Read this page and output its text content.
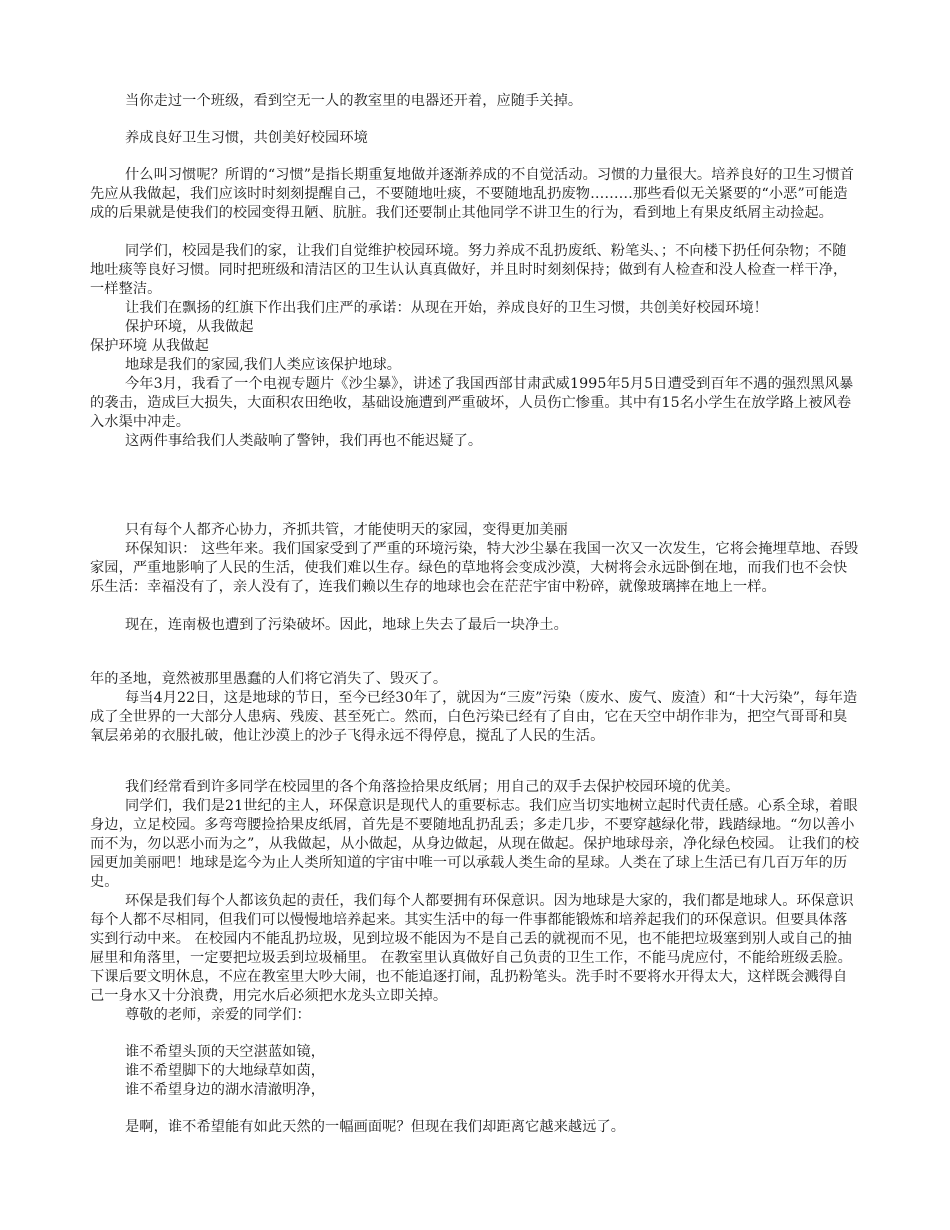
当你走过一个班级，看到空无一人的教室里的电器还开着，应随手关掉。
养成良好卫生习惯，共创美好校园环境
什么叫习惯呢？所谓的“习惯”是指长期重复地做并逐渐养成的不自觉活动。习惯的力量很大。培养良好的卫生习惯首先应从我做起，我们应该时时刻刻提醒自己，不要随地吐痰，不要随地乱扔废物………那些看似无关紧要的“小恶”可能造成的后果就是使我们的校园变得丑陋、肮脏。我们还要制止其他同学不讲卫生的行为，看到地上有果皮纸屑主动捡起。
同学们，校园是我们的家，让我们自觉维护校园环境。努力养成不乱扔废纸、粉笔头、；不向楼下扔任何杂物；不随地吐痰等良好习惯。同时把班级和清洁区的卫生认认真真做好，并且时时刻刻保持；做到有人检查和没人检查一样干净，一样整洁。
让我们在飘扬的红旗下作出我们庄严的承诺：从现在开始，养成良好的卫生习惯，共创美好校园环境！
保护环境，从我做起
保护环境 从我做起
地球是我们的家园,我们人类应该保护地球。
今年3月，我看了一个电视专题片《沙尘暴》，讲述了我国西部甘肃武威1995年5月5日遭受到百年不遇的强烈黑风暴的袭击，造成巨大损失，大面积农田绝收，基础设施遭到严重破坏，人员伤亡惨重。其中有15名小学生在放学路上被风卷入水渠中冲走。
这两件事给我们人类敲响了警钟，我们再也不能迟疑了。
只有每个人都齐心协力，齐抓共管，才能使明天的家园，变得更加美丽
环保知识： 这些年来。我们国家受到了严重的环境污染，特大沙尘暴在我国一次又一次发生，它将会掩埋草地、吞毁家园，严重地影响了人民的生活，使我们难以生存。绿色的草地将会变成沙漠，大树将会永远卧倒在地，而我们也不会快乐生活：幸福没有了，亲人没有了，连我们赖以生存的地球也会在茫茫宇宙中粉碎，就像玻璃摔在地上一样。
现在，连南极也遭到了污染破坏。因此，地球上失去了最后一块净土。
年的圣地，竟然被那里愚蠢的人们将它消失了、毁灭了。
每当4月22日，这是地球的节日，至今已经30年了，就因为“三废”污染（废水、废气、废渣）和“十大污染”，每年造成了全世界的一大部分人患病、残废、甚至死亡。然而，白色污染已经有了自由，它在天空中胡作非为，把空气哥哥和臭氧层弟弟的衣服扎破，他让沙漠上的沙子飞得永远不得停息，搅乱了人民的生活。
我们经常看到许多同学在校园里的各个角落捡拾果皮纸屑；用自己的双手去保护校园环境的优美。
同学们，我们是21世纪的主人，环保意识是现代人的重要标志。我们应当切实地树立起时代责任感。心系全球，着眼身边，立足校园。多弯弯腰捡拾果皮纸屑，首先是不要随地乱扔乱丢；多走几步，不要穿越绿化带，践踏绿地。“勿以善小而不为，勿以恶小而为之”，从我做起，从小做起，从身边做起，从现在做起。保护地球母亲，净化绿色校园。 让我们的校园更加美丽吧！地球是迄今为止人类所知道的宇宙中唯一可以承载人类生命的星球。人类在了球上生活已有几百万年的历史。
环保是我们每个人都该负起的责任，我们每个人都要拥有环保意识。因为地球是大家的，我们都是地球人。环保意识每个人都不尽相同，但我们可以慢慢地培养起来。其实生活中的每一件事都能锻炼和培养起我们的环保意识。但要具体落实到行动中来。 在校园内不能乱扔垃圾，见到垃圾不能因为不是自己丢的就视而不见，也不能把垃圾塞到别人或自己的抽屉里和角落里，一定要把垃圾丢到垃圾桶里。 在教室里认真做好自己负责的卫生工作，不能马虎应付，不能给班级丢脸。 下课后要文明休息，不应在教室里大吵大闹，也不能追逐打闹，乱扔粉笔头。洗手时不要将水开得太大，这样既会溅得自己一身水又十分浪费，用完水后必须把水龙头立即关掉。
尊敬的老师，亲爱的同学们：
谁不希望头顶的天空湛蓝如镜，
谁不希望脚下的大地绿草如茵，
谁不希望身边的湖水清澈明净，
是啊，谁不希望能有如此天然的一幅画面呢？但现在我们却距离它越来越远了。
